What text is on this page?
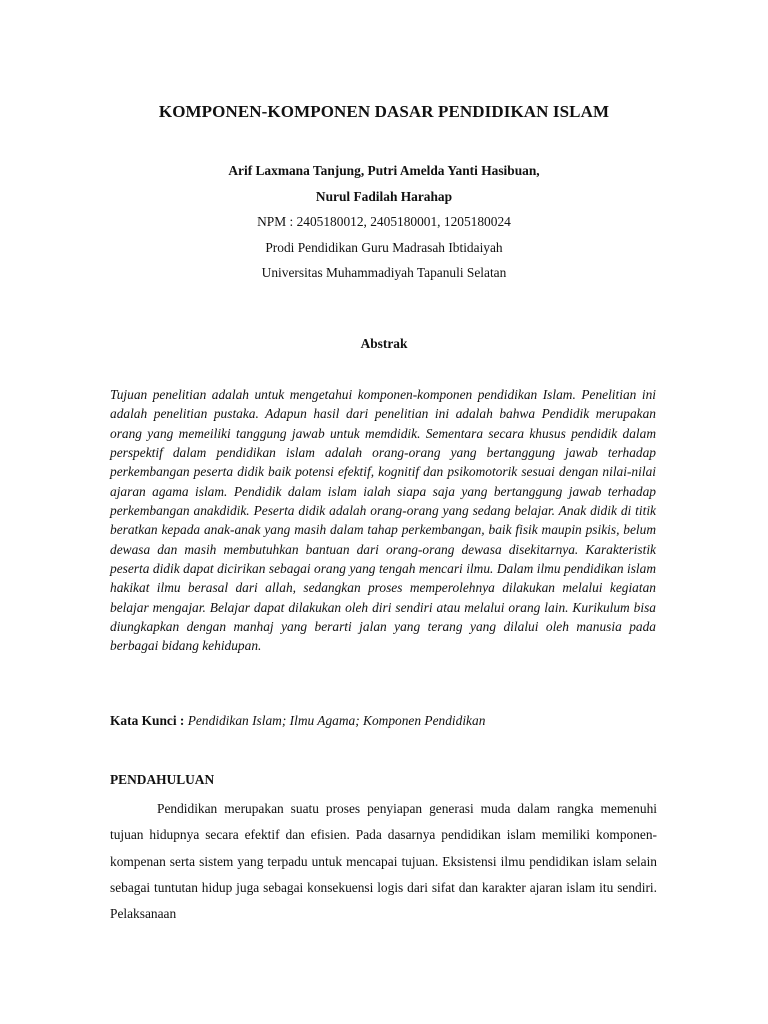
KOMPONEN-KOMPONEN DASAR PENDIDIKAN ISLAM
Arif Laxmana Tanjung, Putri Amelda Yanti Hasibuan,
Nurul Fadilah Harahap
NPM : 2405180012, 2405180001, 1205180024
Prodi Pendidikan Guru Madrasah Ibtidaiyah
Universitas Muhammadiyah Tapanuli Selatan
Abstrak
Tujuan penelitian adalah untuk mengetahui komponen-komponen pendidikan Islam. Penelitian ini adalah penelitian pustaka. Adapun hasil dari penelitian ini adalah bahwa Pendidik merupakan orang yang memeiliki tanggung jawab untuk memdidik. Sementara secara khusus pendidik dalam perspektif dalam pendidikan islam adalah orang-orang yang bertanggung jawab terhadap perkembangan peserta didik baik potensi efektif, kognitif dan psikomotorik sesuai dengan nilai-nilai ajaran agama islam. Pendidik dalam islam ialah siapa saja yang bertanggung jawab terhadap perkembangan anakdidik. Peserta didik adalah orang-orang yang sedang belajar. Anak didik di titik beratkan kepada anak-anak yang masih dalam tahap perkembangan, baik fisik maupin psikis, belum dewasa dan masih membutuhkan bantuan dari orang-orang dewasa disekitarnya. Karakteristik peserta didik dapat dicirikan sebagai orang yang tengah mencari ilmu. Dalam ilmu pendidikan islam hakikat ilmu berasal dari allah, sedangkan proses memperolehnya dilakukan melalui kegiatan belajar mengajar. Belajar dapat dilakukan oleh diri sendiri atau melalui orang lain. Kurikulum bisa diungkapkan dengan manhaj yang berarti jalan yang terang yang dilalui oleh manusia pada berbagai bidang kehidupan.
Kata Kunci : Pendidikan Islam; Ilmu Agama; Komponen Pendidikan
PENDAHULUAN
Pendidikan merupakan suatu proses penyiapan generasi muda dalam rangka memenuhi tujuan hidupnya secara efektif dan efisien. Pada dasarnya pendidikan islam memiliki komponen-kompenan serta sistem yang terpadu untuk mencapai tujuan. Eksistensi ilmu pendidikan islam selain sebagai tuntutan hidup juga sebagai konsekuensi logis dari sifat dan karakter ajaran islam itu sendiri. Pelaksanaan
